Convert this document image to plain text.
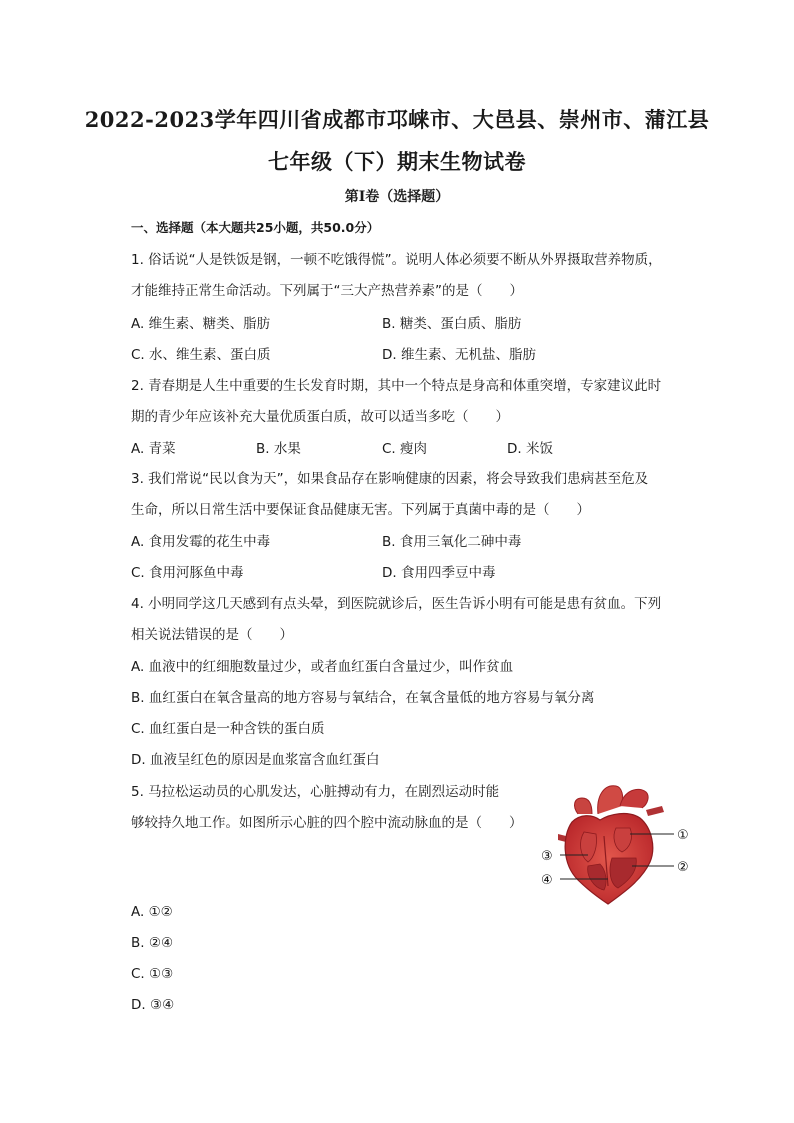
2022-2023学年四川省成都市邛崃市、大邑县、崇州市、蒲江县
七年级（下）期末生物试卷
第Ⅰ卷（选择题）
一、选择题（本大题共25小题，共50.0分）
1. 俗话说“人是铁饭是钢，一顿不吃饿得慌”。说明人体必须要不断从外界摄取营养物质，
才能维持正常生命活动。下列属于“三大产热营养素”的是（　　）
A. 维生素、糖类、脂肪	B. 糖类、蛋白质、脂肪
C. 水、维生素、蛋白质	D. 维生素、无机盐、脂肪
2. 青春期是人生中重要的生长发育时期，其中一个特点是身高和体重突增，专家建议此时
期的青少年应该补充大量优质蛋白质，故可以适当多吃（　　）
A. 青菜	B. 水果	C. 瘦肉	D. 米饭
3. 我们常说“民以食为天”，如果食品存在影响健康的因素，将会导致我们患病甚至危及
生命，所以日常生活中要保证食品健康无害。下列属于真菌中毒的是（　　）
A. 食用发霉的花生中毒	B. 食用三氧化二砷中毒
C. 食用河豚鱼中毒	D. 食用四季豆中毒
4. 小明同学这几天感到有点头晕，到医院就诊后，医生告诉小明有可能是患有贫血。下列
相关说法错误的是（　　）
A. 血液中的红细胞数量过少，或者血红蛋白含量过少，叫作贫血
B. 血红蛋白在氧含量高的地方容易与氧结合，在氧含量低的地方容易与氧分离
C. 血红蛋白是一种含铁的蛋白质
D. 血液呈红色的原因是血浆富含血红蛋白
5. 马拉松运动员的心肌发达，心脏搏动有力，在剧烈运动时能
够较持久地工作。如图所示心脏的四个腔中流动脉血的是（　　）
①
②
③
④
A. ①②
B. ②④
C. ①③
D. ③④
